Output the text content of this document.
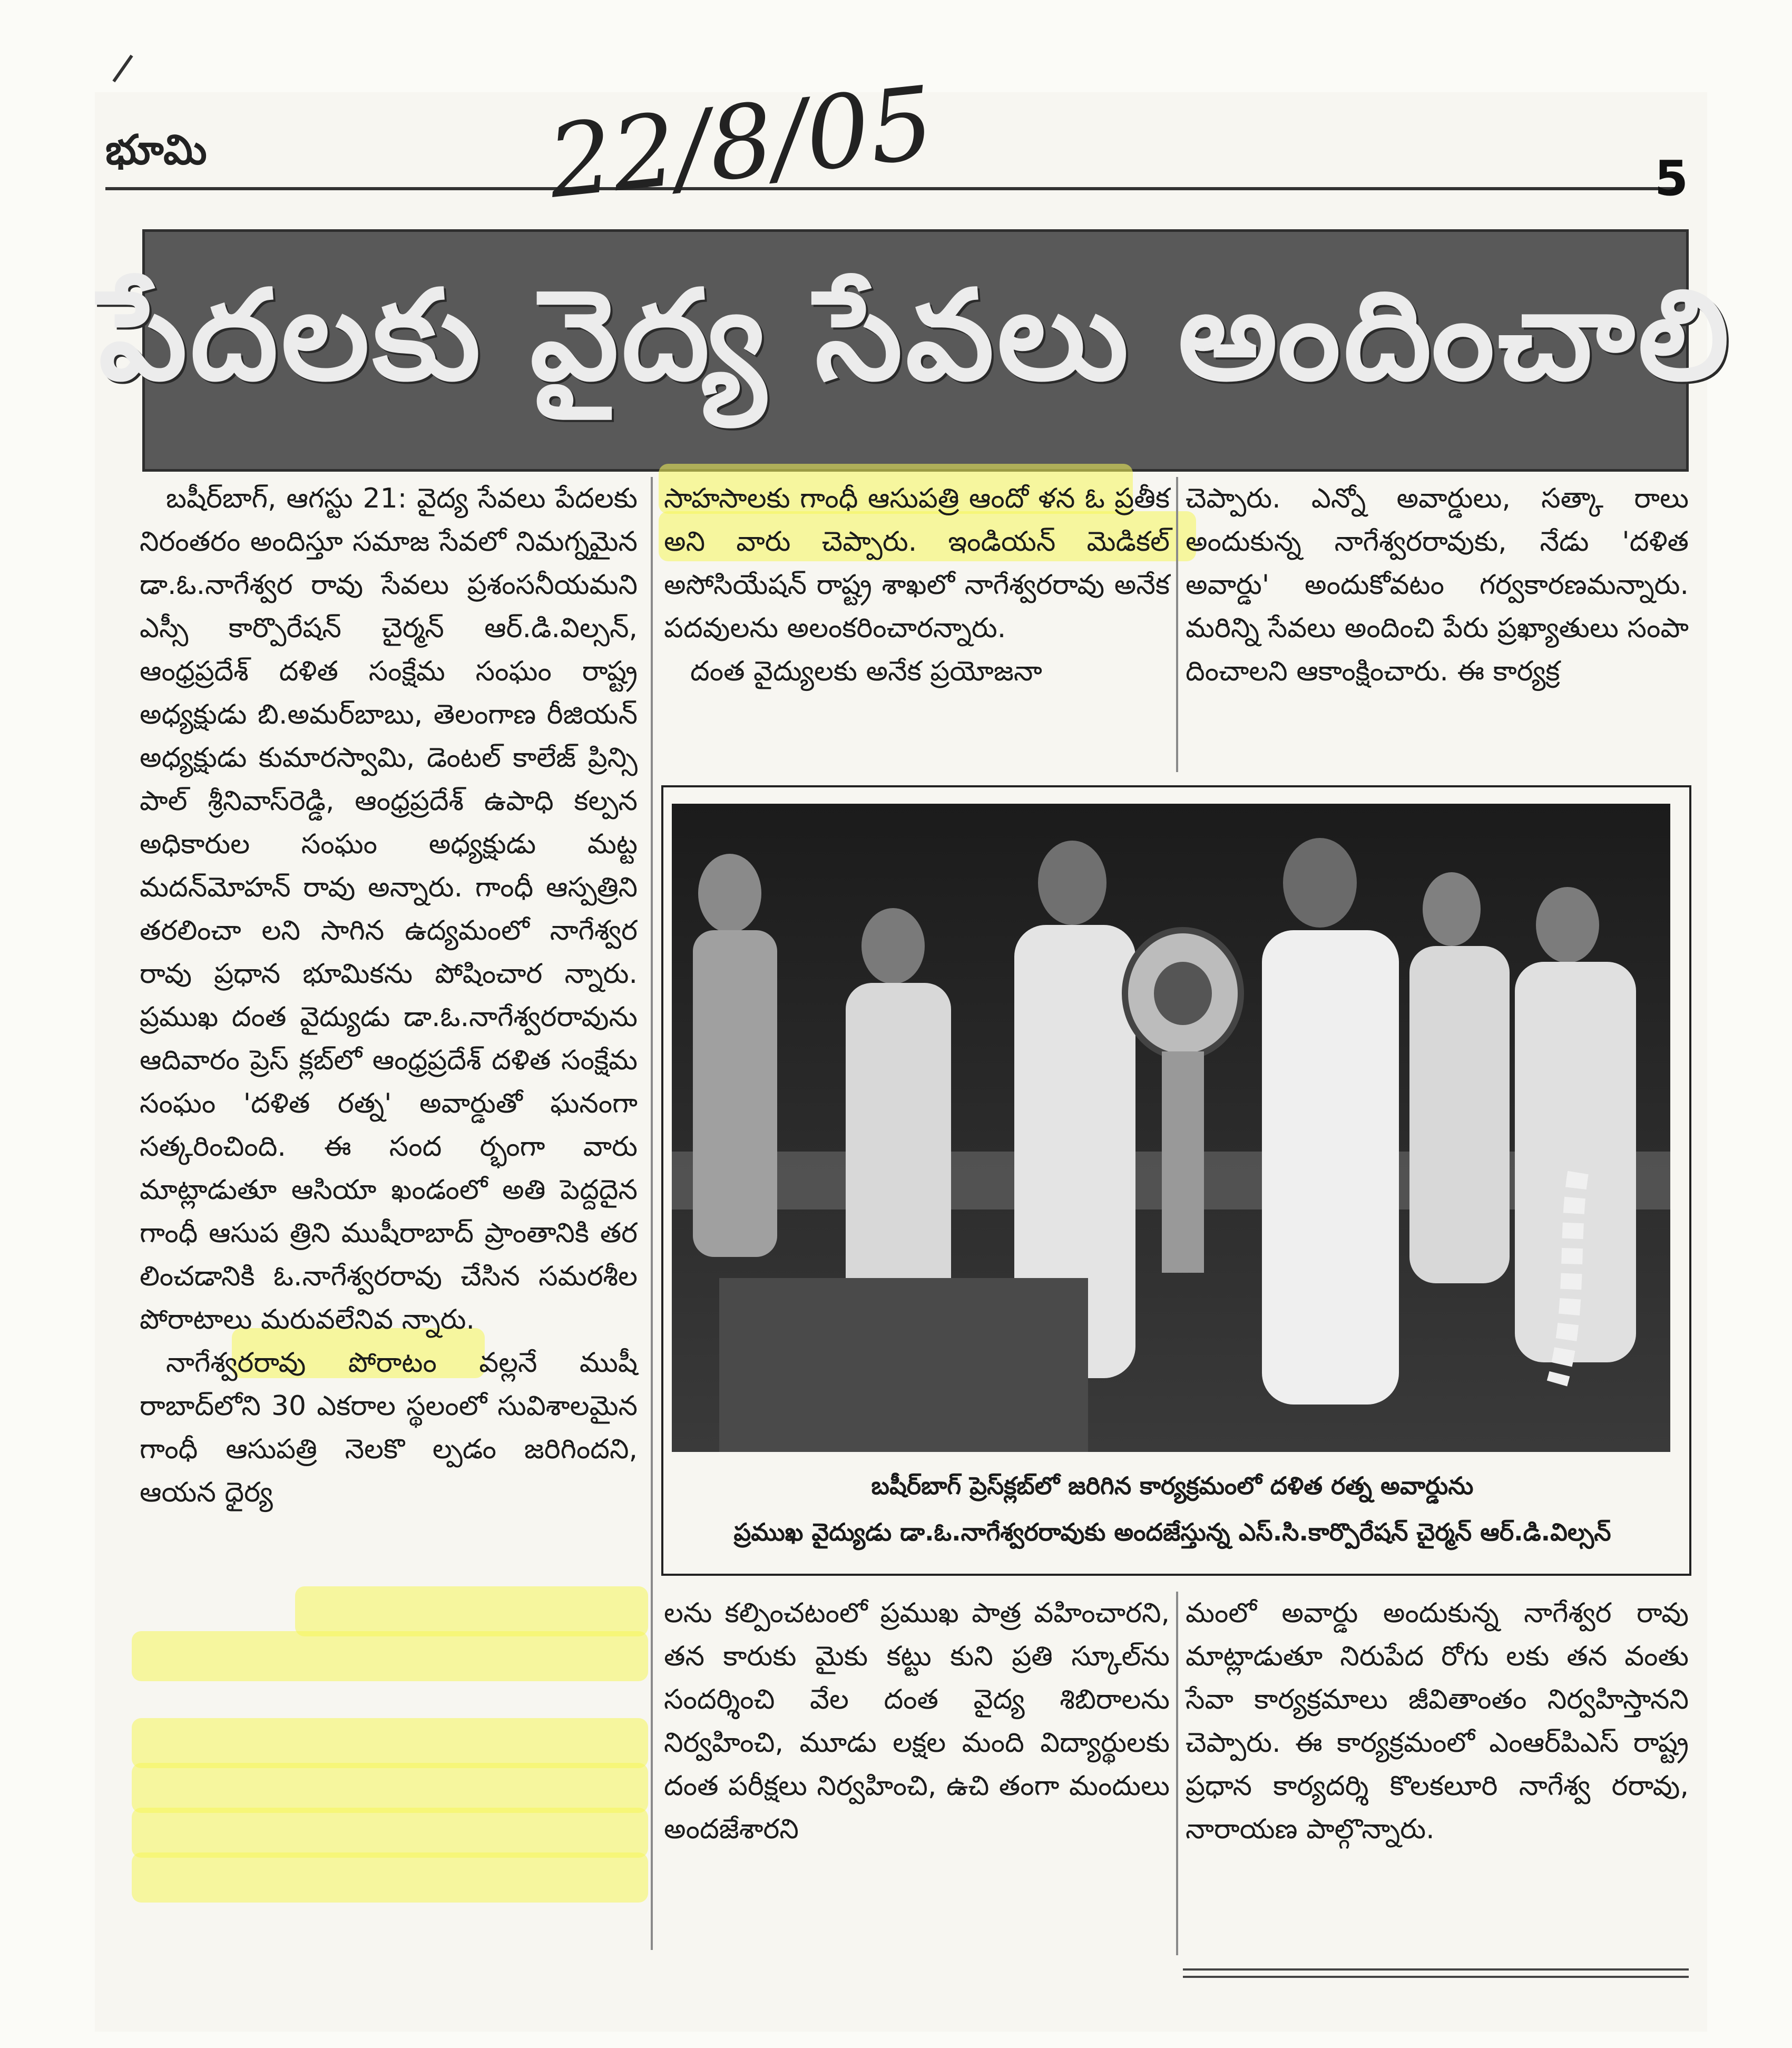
భూమి	22/8/05	5
పేదలకు వైద్య సేవలు అందించాలి

బషీర్‌బాగ్, ఆగస్టు 21: వైద్య సేవలు పేదలకు నిరంతరం అందిస్తూ సమాజ సేవలో నిమగ్నమైన డా.ఓ.నాగేశ్వర రావు సేవలు ప్రశంసనీయమని ఎస్సీ కార్పొరేషన్ చైర్మన్ ఆర్.డి.విల్సన్, ఆంధ్రప్రదేశ్ దళిత సంక్షేమ సంఘం రాష్ట్ర అధ్యక్షుడు బి.అమర్‌బాబు, తెలంగాణ రీజియన్ అధ్యక్షుడు కుమారస్వామి, డెంటల్ కాలేజ్ ప్రిన్సి పాల్ శ్రీనివాస్‌రెడ్డి, ఆంధ్రప్రదేశ్ ఉపాధి కల్పన అధికారుల సంఘం అధ్యక్షుడు మట్ట మదన్‌మోహన్ రావు అన్నారు. గాంధీ ఆస్పత్రిని తరలించా లని సాగిన ఉద్యమంలో నాగేశ్వర రావు ప్రధాన భూమికను పోషించార న్నారు. ప్రముఖ దంత వైద్యుడు డా.ఓ.నాగేశ్వరరావును ఆదివారం ప్రెస్ క్లబ్‌లో ఆంధ్రప్రదేశ్ దళిత సంక్షేమ సంఘం 'దళిత రత్న' అవార్డుతో ఘనంగా సత్కరించింది. ఈ సంద ర్భంగా వారు మాట్లాడుతూ ఆసియా ఖండంలో అతి పెద్దదైన గాంధీ ఆసుప త్రిని ముషీరాబాద్ ప్రాంతానికి తర లించడానికి ఓ.నాగేశ్వరరావు చేసిన సమరశీల పోరాటాలు మరువలేనివ న్నారు.

నాగేశ్వరరావు పోరాటం వల్లనే ముషీ రాబాద్‌లోని 30 ఎకరాల స్థలంలో సువిశాలమైన గాంధీ ఆసుపత్రి నెలకొ ల్పడం జరిగిందని, ఆయన ధైర్య

సాహసాలకు గాంధీ ఆసుపత్రి ఆందో ళన ఓ ప్రతీక అని వారు చెప్పారు. ఇండియన్ మెడికల్ అసోసియేషన్ రాష్ట్ర శాఖలో నాగేశ్వరరావు అనేక పదవులను అలంకరించారన్నారు.

దంత వైద్యులకు అనేక ప్రయోజనా

చెప్పారు. ఎన్నో అవార్డులు, సత్కా రాలు అందుకున్న నాగేశ్వరరావుకు, నేడు 'దళిత అవార్డు' అందుకోవటం గర్వకారణమన్నారు. మరిన్ని సేవలు అందించి పేరు ప్రఖ్యాతులు సంపా దించాలని ఆకాంక్షించారు. ఈ కార్యక్ర

బషీర్‌బాగ్ ప్రెస్‌క్లబ్‌లో జరిగిన కార్యక్రమంలో దళిత రత్న అవార్డును
ప్రముఖ వైద్యుడు డా.ఓ.నాగేశ్వరరావుకు అందజేస్తున్న ఎస్.సి.కార్పొరేషన్ చైర్మన్ ఆర్.డి.విల్సన్

లను కల్పించటంలో ప్రముఖ పాత్ర వహించారని, తన కారుకు మైకు కట్టు కుని ప్రతి స్కూల్‌ను సందర్శించి వేల దంత వైద్య శిబిరాలను నిర్వహించి, మూడు లక్షల మంది విద్యార్థులకు దంత పరీక్షలు నిర్వహించి, ఉచి తంగా మందులు అందజేశారని

మంలో అవార్డు అందుకున్న నాగేశ్వర రావు మాట్లాడుతూ నిరుపేద రోగు లకు తన వంతు సేవా కార్యక్రమాలు జీవితాంతం నిర్వహిస్తానని చెప్పారు. ఈ కార్యక్రమంలో ఎంఆర్‌పిఎస్ రాష్ట్ర ప్రధాన కార్యదర్శి కొలకలూరి నాగేశ్వ రరావు, నారాయణ పాల్గొన్నారు.
